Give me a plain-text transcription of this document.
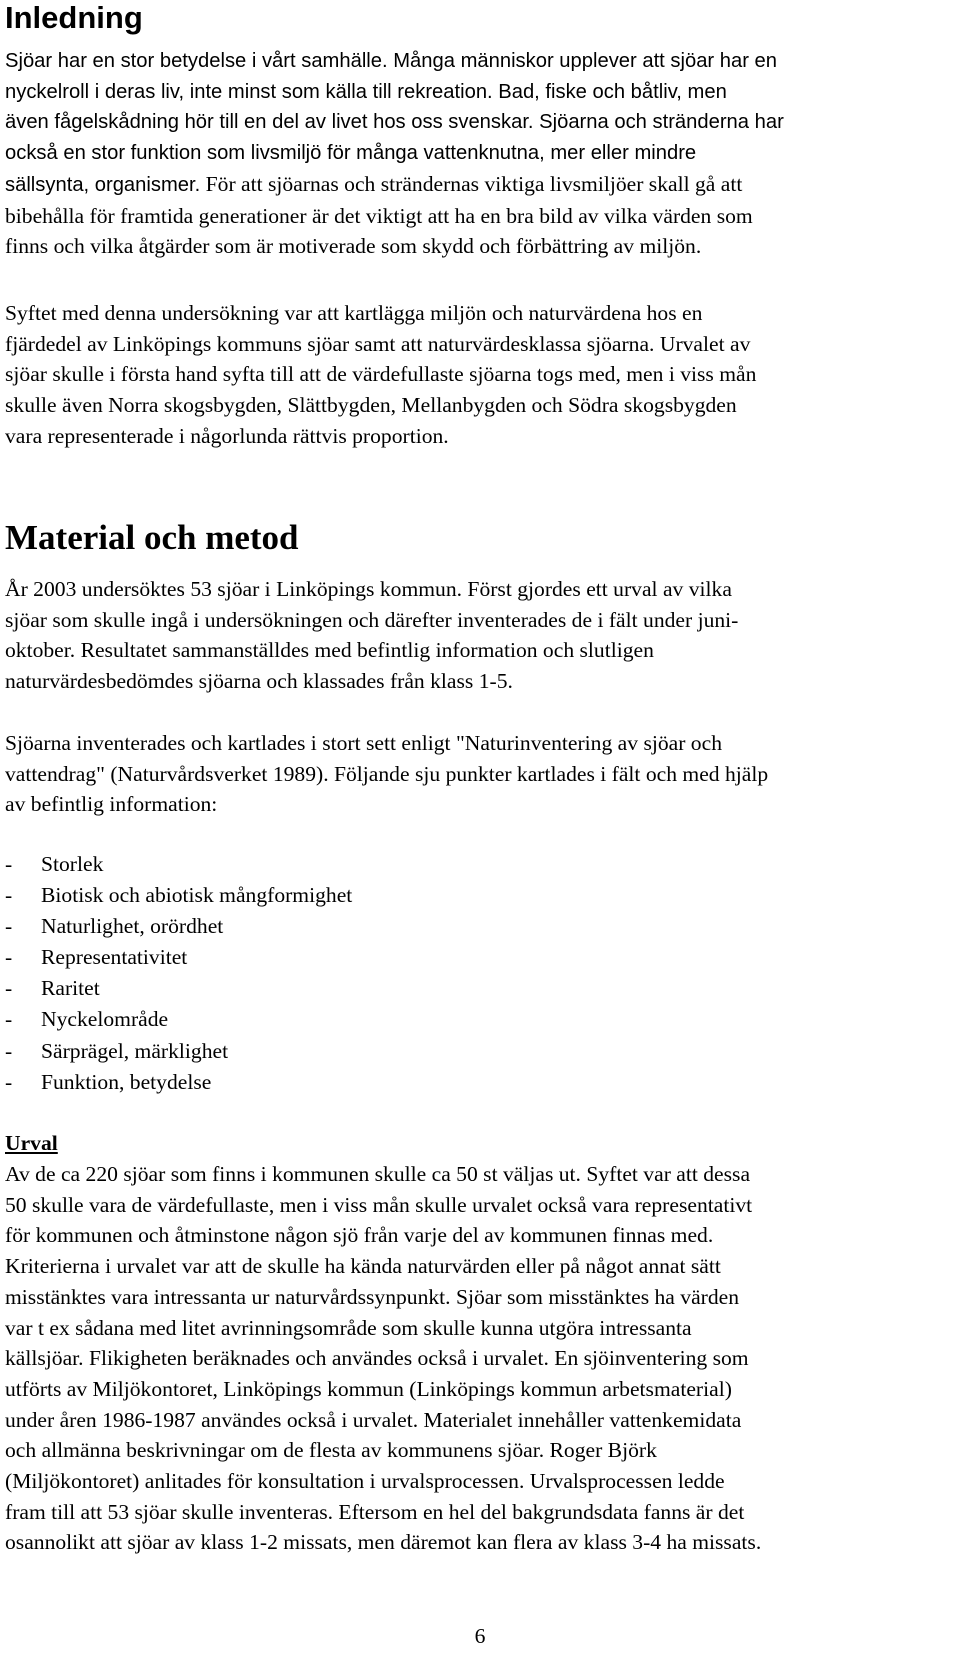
Inledning
Sjöar har en stor betydelse i vårt samhälle. Många människor upplever att sjöar har en
nyckelroll i deras liv, inte minst som källa till rekreation. Bad, fiske och båtliv, men
även fågelskådning hör till en del av livet hos oss svenskar. Sjöarna och stränderna har
också en stor funktion som livsmiljö för många vattenknutna, mer eller mindre
sällsynta, organismer. För att sjöarnas och strändernas viktiga livsmiljöer skall gå att
bibehålla för framtida generationer är det viktigt att ha en bra bild av vilka värden som
finns och vilka åtgärder som är motiverade som skydd och förbättring av miljön.
Syftet med denna undersökning var att kartlägga miljön och naturvärdena hos en
fjärdedel av Linköpings kommuns sjöar samt att naturvärdesklassa sjöarna. Urvalet av
sjöar skulle i första hand syfta till att de värdefullaste sjöarna togs med, men i viss mån
skulle även Norra skogsbygden, Slättbygden, Mellanbygden och Södra skogsbygden
vara representerade i någorlunda rättvis proportion.
Material och metod
År 2003 undersöktes 53 sjöar i Linköpings kommun. Först gjordes ett urval av vilka
sjöar som skulle ingå i undersökningen och därefter inventerades de i fält under juni-
oktober. Resultatet sammanställdes med befintlig information och slutligen
naturvärdesbedömdes sjöarna och klassades från klass 1-5.
Sjöarna inventerades och kartlades i stort sett enligt "Naturinventering av sjöar och
vattendrag" (Naturvårdsverket 1989). Följande sju punkter kartlades i fält och med hjälp
av befintlig information:
- Storlek
- Biotisk och abiotisk mångformighet
- Naturlighet, orördhet
- Representativitet
- Raritet
- Nyckelområde
- Särprägel, märklighet
- Funktion, betydelse
Urval
Av de ca 220 sjöar som finns i kommunen skulle ca 50 st väljas ut. Syftet var att dessa
50 skulle vara de värdefullaste, men i viss mån skulle urvalet också vara representativt
för kommunen och åtminstone någon sjö från varje del av kommunen finnas med.
Kriterierna i urvalet var att de skulle ha kända naturvärden eller på något annat sätt
misstänktes vara intressanta ur naturvårdssynpunkt. Sjöar som misstänktes ha värden
var t ex sådana med litet avrinningsområde som skulle kunna utgöra intressanta
källsjöar. Flikigheten beräknades och användes också i urvalet. En sjöinventering som
utförts av Miljökontoret, Linköpings kommun (Linköpings kommun arbetsmaterial)
under åren 1986-1987 användes också i urvalet. Materialet innehåller vattenkemidata
och allmänna beskrivningar om de flesta av kommunens sjöar. Roger Björk
(Miljökontoret) anlitades för konsultation i urvalsprocessen. Urvalsprocessen ledde
fram till att 53 sjöar skulle inventeras. Eftersom en hel del bakgrundsdata fanns är det
osannolikt att sjöar av klass 1-2 missats, men däremot kan flera av klass 3-4 ha missats.
6
